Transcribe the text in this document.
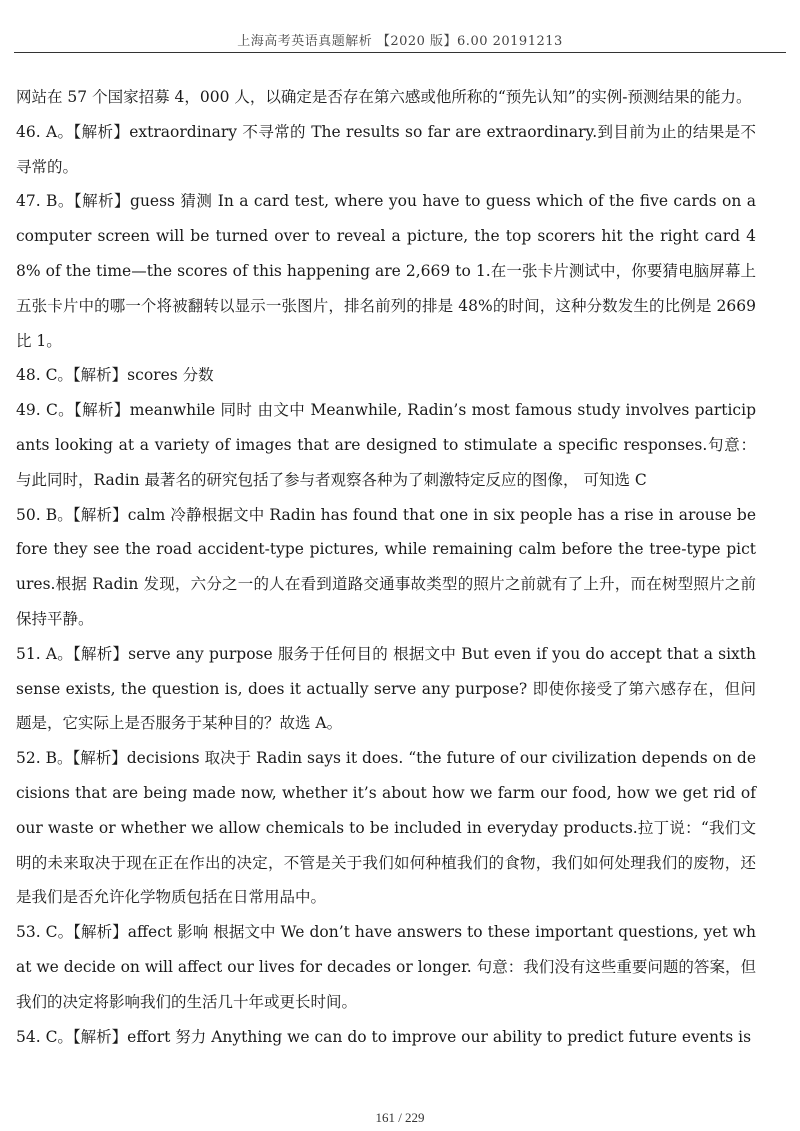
上海高考英语真题解析 【2020 版】6.00 20191213

网站在 57 个国家招募 4，000 人，以确定是否存在第六感或他所称的“预先认知”的实例-预测结果的能力。

46. A。【解析】extraordinary 不寻常的 The results so far are extraordinary.到目前为止的结果是不寻常的。

47. B。【解析】guess 猜测 In a card test, where you have to guess which of the five cards on a computer screen will be turned over to reveal a picture, the top scorers hit the right card 48% of the time—the scores of this happening are 2,669 to 1.在一张卡片测试中，你要猜电脑屏幕上五张卡片中的哪一个将被翻转以显示一张图片，排名前列的排是 48%的时间，这种分数发生的比例是 2669 比 1。

48. C。【解析】scores 分数

49. C。【解析】meanwhile 同时 由文中 Meanwhile, Radin’s most famous study involves participants looking at a variety of images that are designed to stimulate a specific responses.句意：与此同时，Radin 最著名的研究包括了参与者观察各种为了刺激特定反应的图像， 可知选 C

50. B。【解析】calm 冷静根据文中 Radin has found that one in six people has a rise in arouse before they see the road accident-type pictures, while remaining calm before the tree-type pictures.根据 Radin 发现，六分之一的人在看到道路交通事故类型的照片之前就有了上升，而在树型照片之前保持平静。

51. A。【解析】serve any purpose 服务于任何目的 根据文中 But even if you do accept that a sixth sense exists, the question is, does it actually serve any purpose? 即使你接受了第六感存在，但问题是，它实际上是否服务于某种目的？故选 A。

52. B。【解析】decisions 取决于 Radin says it does. “the future of our civilization depends on decisions that are being made now, whether it’s about how we farm our food, how we get rid of our waste or whether we allow chemicals to be included in everyday products.拉丁说：“我们文明的未来取决于现在正在作出的决定，不管是关于我们如何种植我们的食物，我们如何处理我们的废物，还是我们是否允许化学物质包括在日常用品中。

53. C。【解析】affect 影响 根据文中 We don’t have answers to these important questions, yet what we decide on will affect our lives for decades or longer. 句意：我们没有这些重要问题的答案，但我们的决定将影响我们的生活几十年或更长时间。

54. C。【解析】effort 努力 Anything we can do to improve our ability to predict future events is

161 / 229
